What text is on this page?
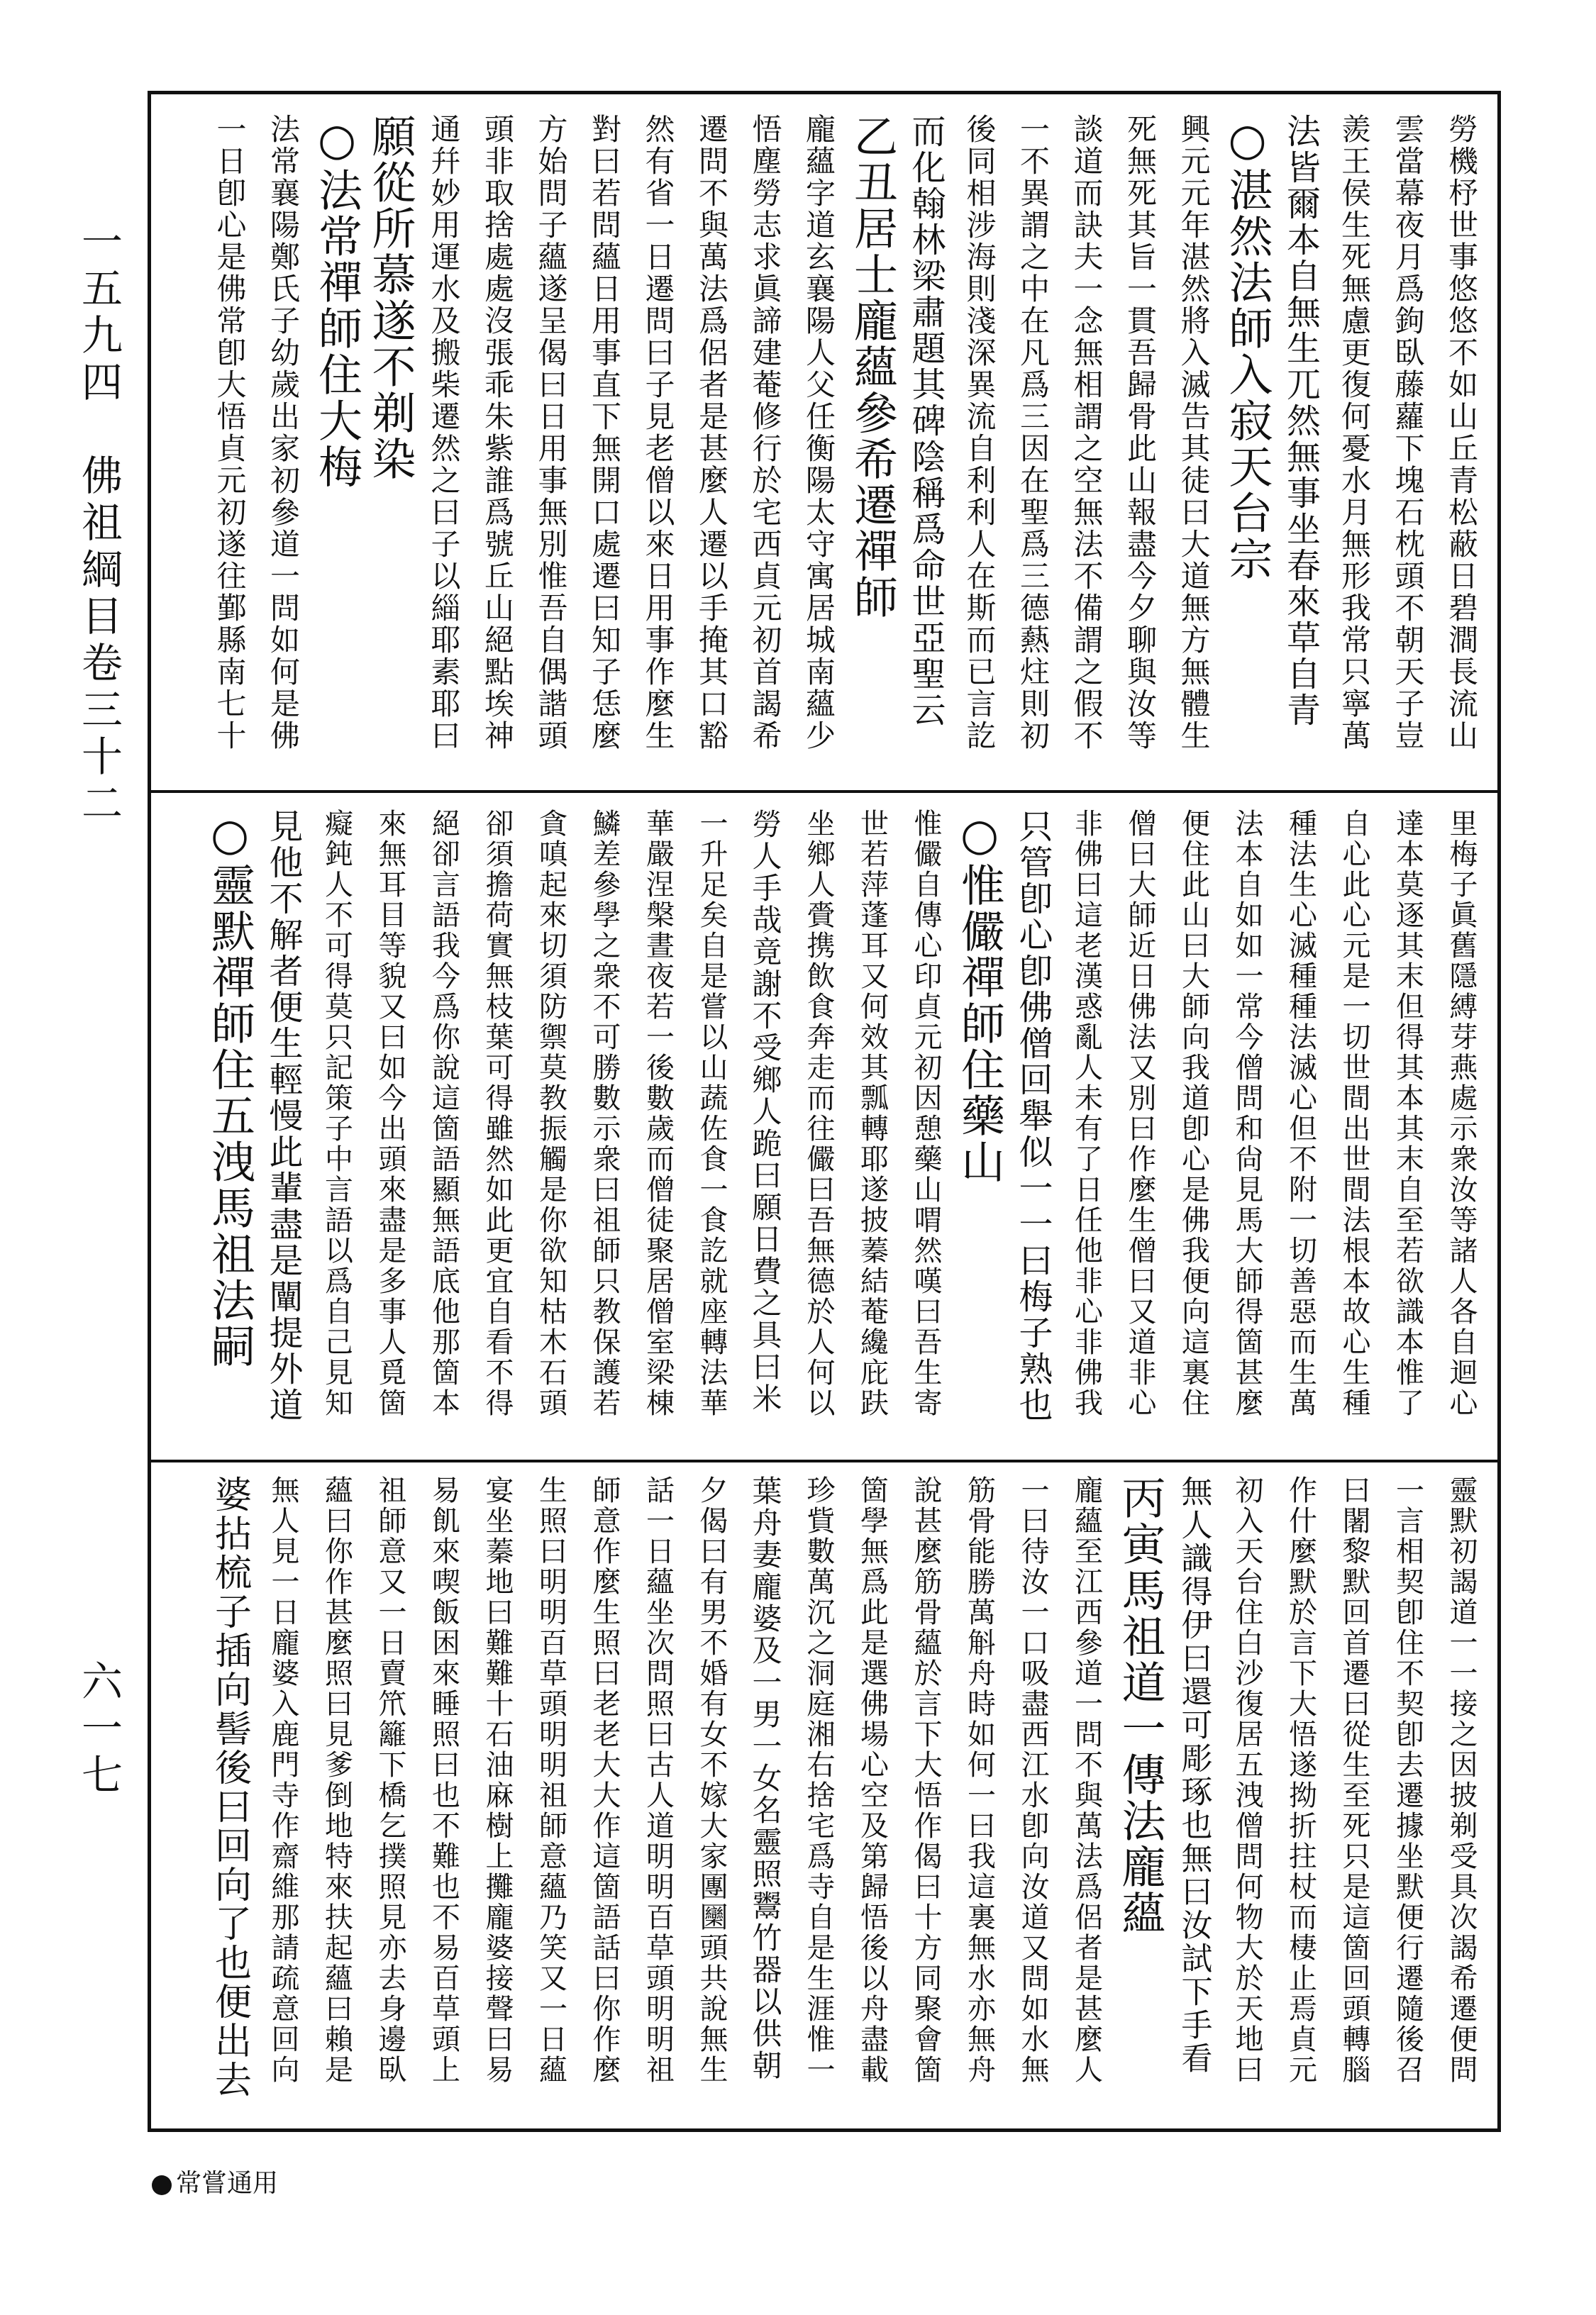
一五九四　佛祖綱目卷三十二
六一七
勞機杼世事悠悠不如山丘青松蔽日碧澗長流山
雲當幕夜月爲鉤臥藤蘿下塊石枕頭不朝天子豈
羨王侯生死無慮更復何憂水月無形我常只寧萬
法皆爾本自無生兀然無事坐春來草自青
○湛然法師入寂天台宗
興元元年湛然將入滅告其徒曰大道無方無體生
死無死其旨一貫吾歸骨此山報盡今夕聊與汝等
談道而訣夫一念無相謂之空無法不備謂之假不
一不異謂之中在凡爲三因在聖爲三德爇炷則初
後同相涉海則淺深異流自利利人在斯而已言訖
而化翰林梁肅題其碑陰稱爲命世亞聖云
乙丑居士龐蘊參希遷禪師
龐蘊字道玄襄陽人父任衡陽太守寓居城南蘊少
悟塵勞志求眞諦建菴修行於宅西貞元初首謁希
遷問不與萬法爲侶者是甚麼人遷以手掩其口豁
然有省一日遷問曰子見老僧以來日用事作麼生
對曰若問蘊日用事直下無開口處遷曰知子恁麼
方始問子蘊遂呈偈曰日用事無別惟吾自偶諧頭
頭非取捨處處沒張乖朱紫誰爲號丘山絕點埃神
通幷妙用運水及搬柴遷然之曰子以緇耶素耶曰
願從所慕遂不剃染
○法常禪師住大梅
法常襄陽鄭氏子幼歲出家初參道一問如何是佛
一日卽心是佛常卽大悟貞元初遂往鄞縣南七十
里梅子眞舊隱縛芽燕處示衆汝等諸人各自迴心
達本莫逐其末但得其本其末自至若欲識本惟了
自心此心元是一切世間出世間法根本故心生種
種法生心滅種種法滅心但不附一切善惡而生萬
法本自如如一常今僧問和尙見馬大師得箇甚麼
便住此山曰大師向我道卽心是佛我便向這裏住
僧曰大師近日佛法又別曰作麼生僧曰又道非心
非佛曰這老漢惑亂人未有了日任他非心非佛我
只管卽心卽佛僧回舉似一一曰梅子熟也
○惟儼禪師住藥山
惟儼自傳心印貞元初因憩藥山喟然嘆曰吾生寄
世若萍蓬耳又何效其瓢轉耶遂披蓁結菴纔庇趺
坐鄉人賫携飲食奔走而往儼曰吾無德於人何以
勞人手哉竟謝不受鄉人跪曰願日費之具曰米
一升足矣自是嘗以山蔬佐食一食訖就座轉法華
華嚴涅槃晝夜若一後數歲而僧徒聚居僧室梁棟
鱗差參學之衆不可勝數示衆曰祖師只教保護若
貪嗔起來切須防禦莫教振觸是你欲知枯木石頭
卻須擔荷實無枝葉可得雖然如此更宜自看不得
絕卻言語我今爲你說這箇語顯無語底他那箇本
來無耳目等貌又曰如今出頭來盡是多事人覓箇
癡鈍人不可得莫只記策子中言語以爲自己見知
見他不解者便生輕慢此輩盡是闡提外道
○靈默禪師住五洩馬祖法嗣
靈默初謁道一一接之因披剃受具次謁希遷便問
一言相契卽住不契卽去遷據坐默便行遷隨後召
曰闍黎默回首遷曰從生至死只是這箇回頭轉腦
作什麼默於言下大悟遂拗折拄杖而棲止焉貞元
初入天台住白沙復居五洩僧問何物大於天地曰
無人識得伊曰還可彫琢也無曰汝試下手看
丙寅馬祖道一傳法龐蘊
龐蘊至江西參道一問不與萬法爲侶者是甚麼人
一曰待汝一口吸盡西江水卽向汝道又問如水無
筋骨能勝萬斛舟時如何一曰我這裏無水亦無舟
說甚麼筋骨蘊於言下大悟作偈曰十方同聚會箇
箇學無爲此是選佛場心空及第歸悟後以舟盡載
珍貲數萬沉之洞庭湘右捨宅爲寺自是生涯惟一
葉舟妻龐婆及一男一女名靈照鬻竹器以供朝
夕偈曰有男不婚有女不嫁大家團圞頭共說無生
話一日蘊坐次問照曰古人道明明百草頭明明祖
師意作麼生照曰老老大大作這箇語話曰你作麼
生照曰明明百草頭明明祖師意蘊乃笑又一日蘊
宴坐蓁地曰難難十石油麻樹上攤龐婆接聲曰易
易飢來喫飯困來睡照曰也不難也不易百草頭上
祖師意又一日賣笊籬下橋乞撲照見亦去身邊臥
蘊曰你作甚麼照曰見爹倒地特來扶起蘊曰賴是
無人見一日龐婆入鹿門寺作齋維那請疏意回向
婆拈梳子插向髻後曰回向了也便出去
常嘗通用
